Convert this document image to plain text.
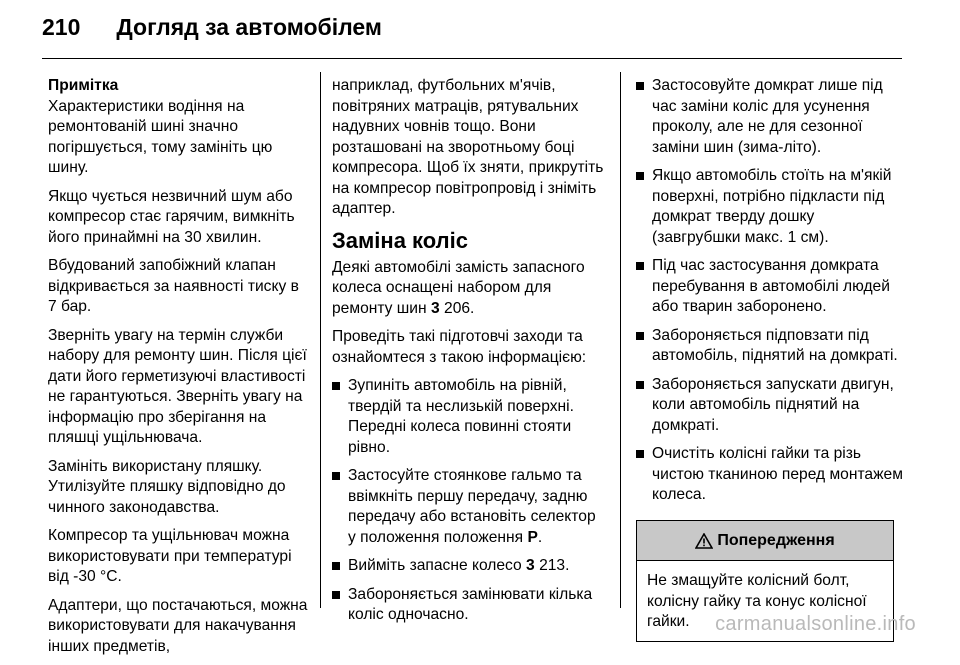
210 Догляд за автомобілем

Примітка

Характеристики водіння на ремонтованій шині значно погіршується, тому замініть цю шину.

Якщо чується незвичний шум або компресор стає гарячим, вимкніть його принаймні на 30 хвилин.

Вбудований запобіжний клапан відкривається за наявності тиску в 7 бар.

Зверніть увагу на термін служби набору для ремонту шин. Після цієї дати його герметизуючі властивості не гарантуються. Зверніть увагу на інформацію про зберігання на пляшці ущільнювача.

Замініть використану пляшку. Утилізуйте пляшку відповідно до чинного законодавства.

Компресор та ущільнювач можна використовувати при температурі від -30 °C.

Адаптери, що постачаються, можна використовувати для накачування інших предметів,

наприклад, футбольних м'ячів, повітряних матраців, рятувальних надувних човнів тощо. Вони розташовані на зворотньому боці компресора. Щоб їх зняти, прикрутіть на компресор повітропровід і зніміть адаптер.

Заміна коліс

Деякі автомобілі замість запасного колеса оснащені набором для ремонту шин 3 206.

Проведіть такі підготовчі заходи та ознайомтеся з такою інформацією:

Зупиніть автомобіль на рівній, твердій та неслизькій поверхні. Передні колеса повинні стояти рівно.
Застосуйте стоянкове гальмо та ввімкніть першу передачу, задню передачу або встановіть селектор у положення положення P.
Вийміть запасне колесо 3 213.
Забороняється замінювати кілька коліс одночасно.
Застосовуйте домкрат лише під час заміни коліс для усунення проколу, але не для сезонної заміни шин (зима-літо).
Якщо автомобіль стоїть на м'якій поверхні, потрібно підкласти під домкрат тверду дошку (завгрубшки макс. 1 см).
Під час застосування домкрата перебування в автомобілі людей або тварин заборонено.
Забороняється підповзати під автомобіль, піднятий на домкраті.
Забороняється запускати двигун, коли автомобіль піднятий на домкраті.
Очистіть колісні гайки та різь чистою тканиною перед монтажем колеса.
Попередження
Не змащуйте колісний болт, колісну гайку та конус колісної гайки.	carmanualsonline.info
